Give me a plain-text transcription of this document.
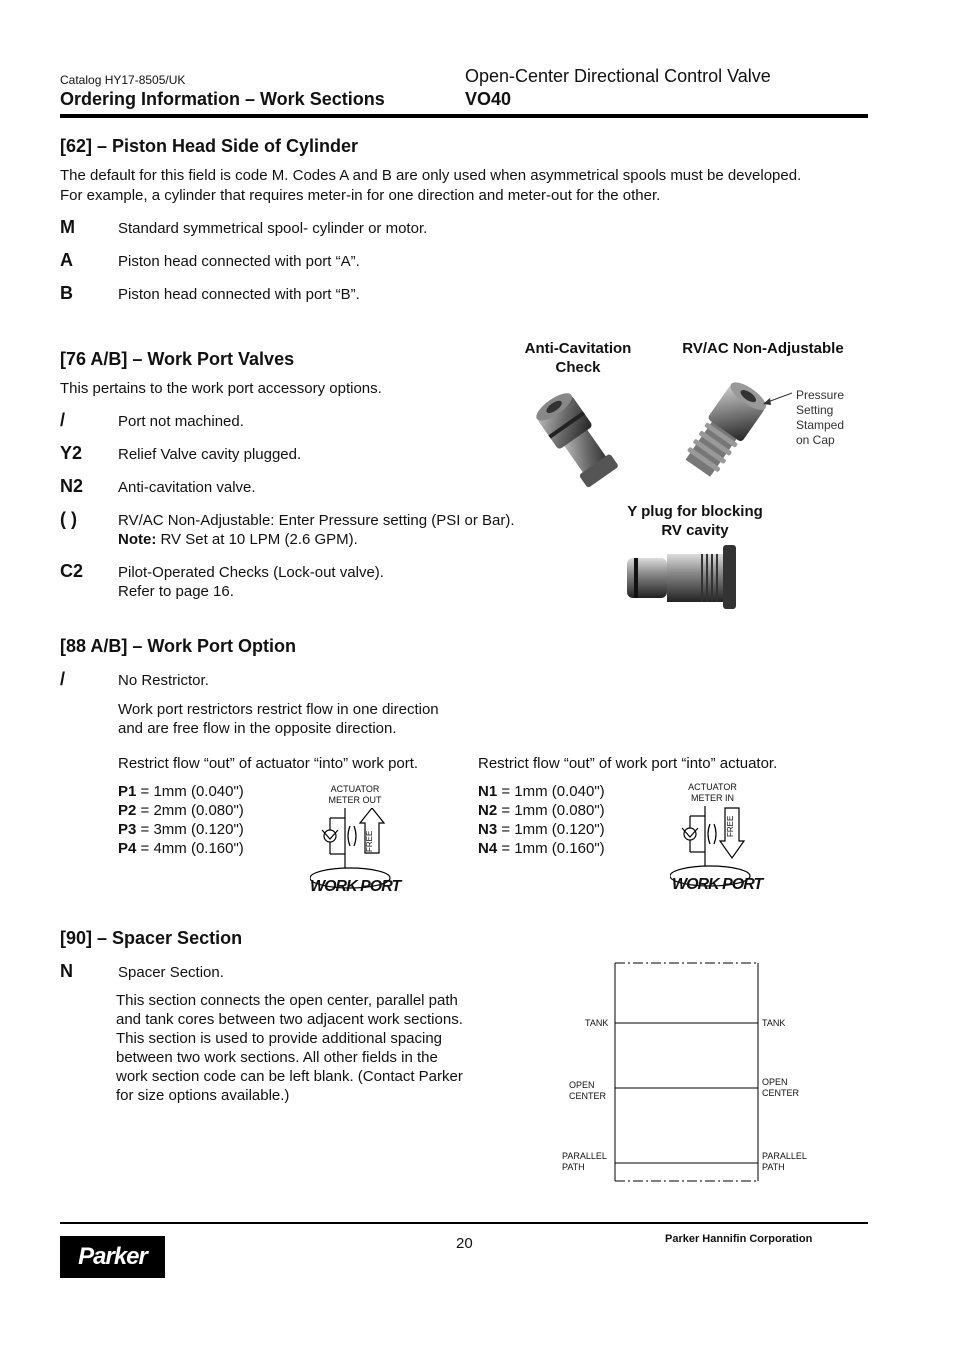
Catalog HY17-8505/UK
Ordering Information – Work Sections
Open-Center Directional Control Valve
VO40
[62] – Piston Head Side of Cylinder
The default for this field is code M. Codes A and B are only used when asymmetrical spools must be developed.
For example, a cylinder that requires meter-in for one direction and meter-out for the other.
M	Standard symmetrical spool- cylinder or motor.
A	Piston head connected with port “A”.
B	Piston head connected with port “B”.
[76 A/B] – Work Port Valves
This pertains to the work port accessory options.
/	Port not machined.
Y2 Relief Valve cavity plugged.
N2 Anti-cavitation valve.
( )	RV/AC Non-Adjustable: Enter Pressure setting (PSI or Bar).
Note: RV Set at 10 LPM (2.6 GPM).
C2 Pilot-Operated Checks (Lock-out valve).
Refer to page 16.
Anti-Cavitation
Check
RV/AC Non-Adjustable
Y plug for blocking
RV cavity
Pressure
Setting
Stamped
on Cap
[88 A/B] – Work Port Option
/	No Restrictor.
Work port restrictors restrict flow in one direction
and are free flow in the opposite direction.
Restrict flow “out” of actuator “into” work port.	Restrict flow “out” of work port “into” actuator.
P1 = 1mm (0.040")
P2 = 2mm (0.080")
P3 = 3mm (0.120")
P4 = 4mm (0.160")
N1 = 1mm (0.040")
N2 = 1mm (0.080")
N3 = 1mm (0.120")
N4 = 1mm (0.160")
ACTUATOR
METER OUT
FREE
WORK PORT
ACTUATOR
METER IN
FREE
WORK PORT
[90] – Spacer Section
N	Spacer Section.
This section connects the open center, parallel path
and tank cores between two adjacent work sections.
This section is used to provide additional spacing
between two work sections. All other fields in the
work section code can be left blank. (Contact Parker
for size options available.)
TANK	TANK
OPEN
CENTER
OPEN
CENTER
PARALLEL
PATH
PARALLEL
PATH
Parker	20	Parker Hannifin Corporation
